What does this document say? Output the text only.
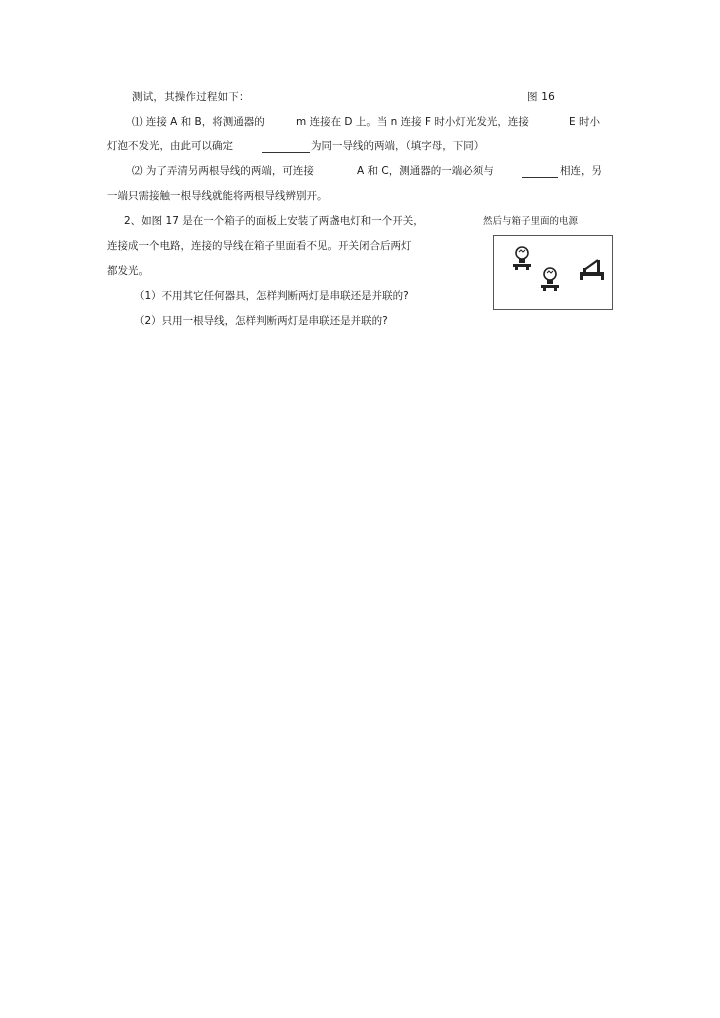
测试，其操作过程如下：	图 16
⑴ 连接 A 和 B，将测通器的	m 连接在 D 上。当 n 连接 F 时小灯光发光，连接	E 时小
灯泡不发光，由此可以确定	为同一导线的两端，（填字母，下同）
⑵ 为了弄清另两根导线的两端，可连接	A 和 C，测通器的一端必须与	相连，另
一端只需接触一根导线就能将两根导线辨别开。
2、如图 17 是在一个箱子的面板上安装了两盏电灯和一个开关，	然后与箱子里面的电源
连接成一个电路，连接的导线在箱子里面看不见。开关闭合后两灯
都发光。
（1）不用其它任何器具，怎样判断两灯是串联还是并联的?
（2）只用一根导线，怎样判断两灯是串联还是并联的?
